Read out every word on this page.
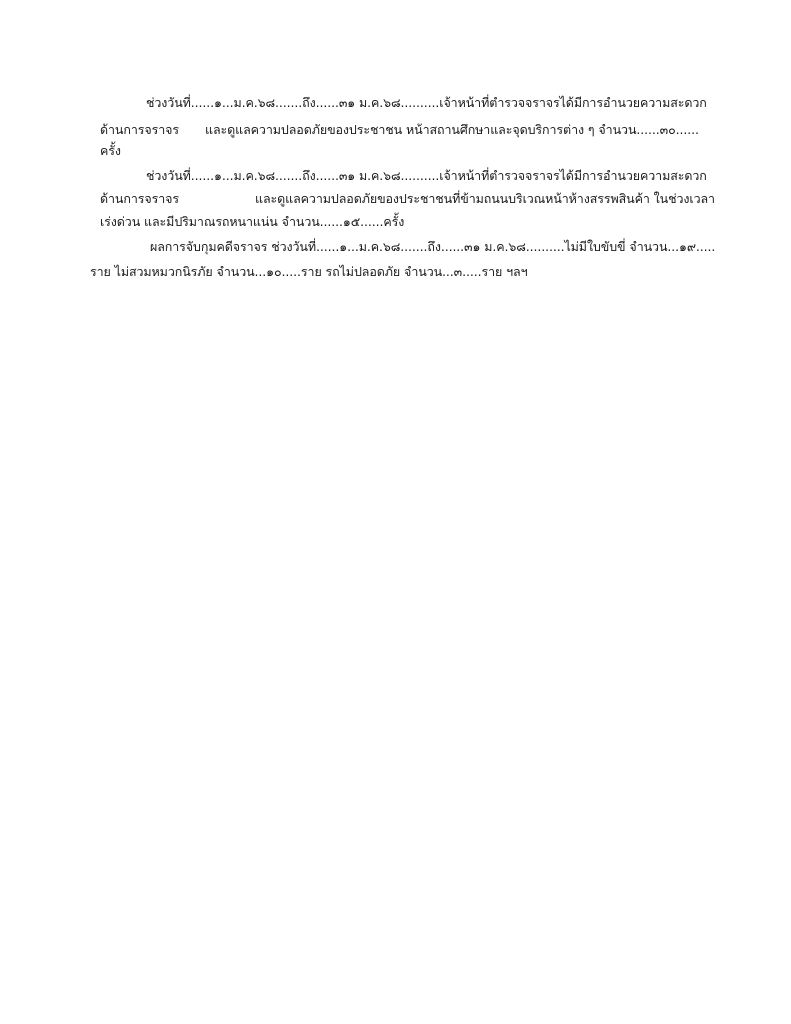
ช่วงวันที่......๑...ม.ค.๖๘.......ถึง......๓๑ ม.ค.๖๘..........เจ้าหน้าที่ตำรวจจราจรได้มีการอำนวยความสะดวก
ด้านการจราจร และดูแลความปลอดภัยของประชาชน หน้าสถานศึกษาและจุดบริการต่าง ๆ จำนวน......๓๐......
ครั้ง
ช่วงวันที่......๑...ม.ค.๖๘.......ถึง......๓๑ ม.ค.๖๘..........เจ้าหน้าที่ตำรวจจราจรได้มีการอำนวยความสะดวก
ด้านการจราจร	และดูแลความปลอดภัยของประชาชนที่ข้ามถนนบริเวณหน้าห้างสรรพสินค้า ในช่วงเวลา
เร่งด่วน และมีปริมาณรถหนาแน่น จำนวน......๑๕......ครั้ง
ผลการจับกุมคดีจราจร ช่วงวันที่......๑...ม.ค.๖๘.......ถึง......๓๑ ม.ค.๖๘..........ไม่มีใบขับขี่ จำนวน...๑๙.....
ราย ไม่สวมหมวกนิรภัย จำนวน...๑๐.....ราย รถไม่ปลอดภัย จำนวน...๓.....ราย ฯลฯ
